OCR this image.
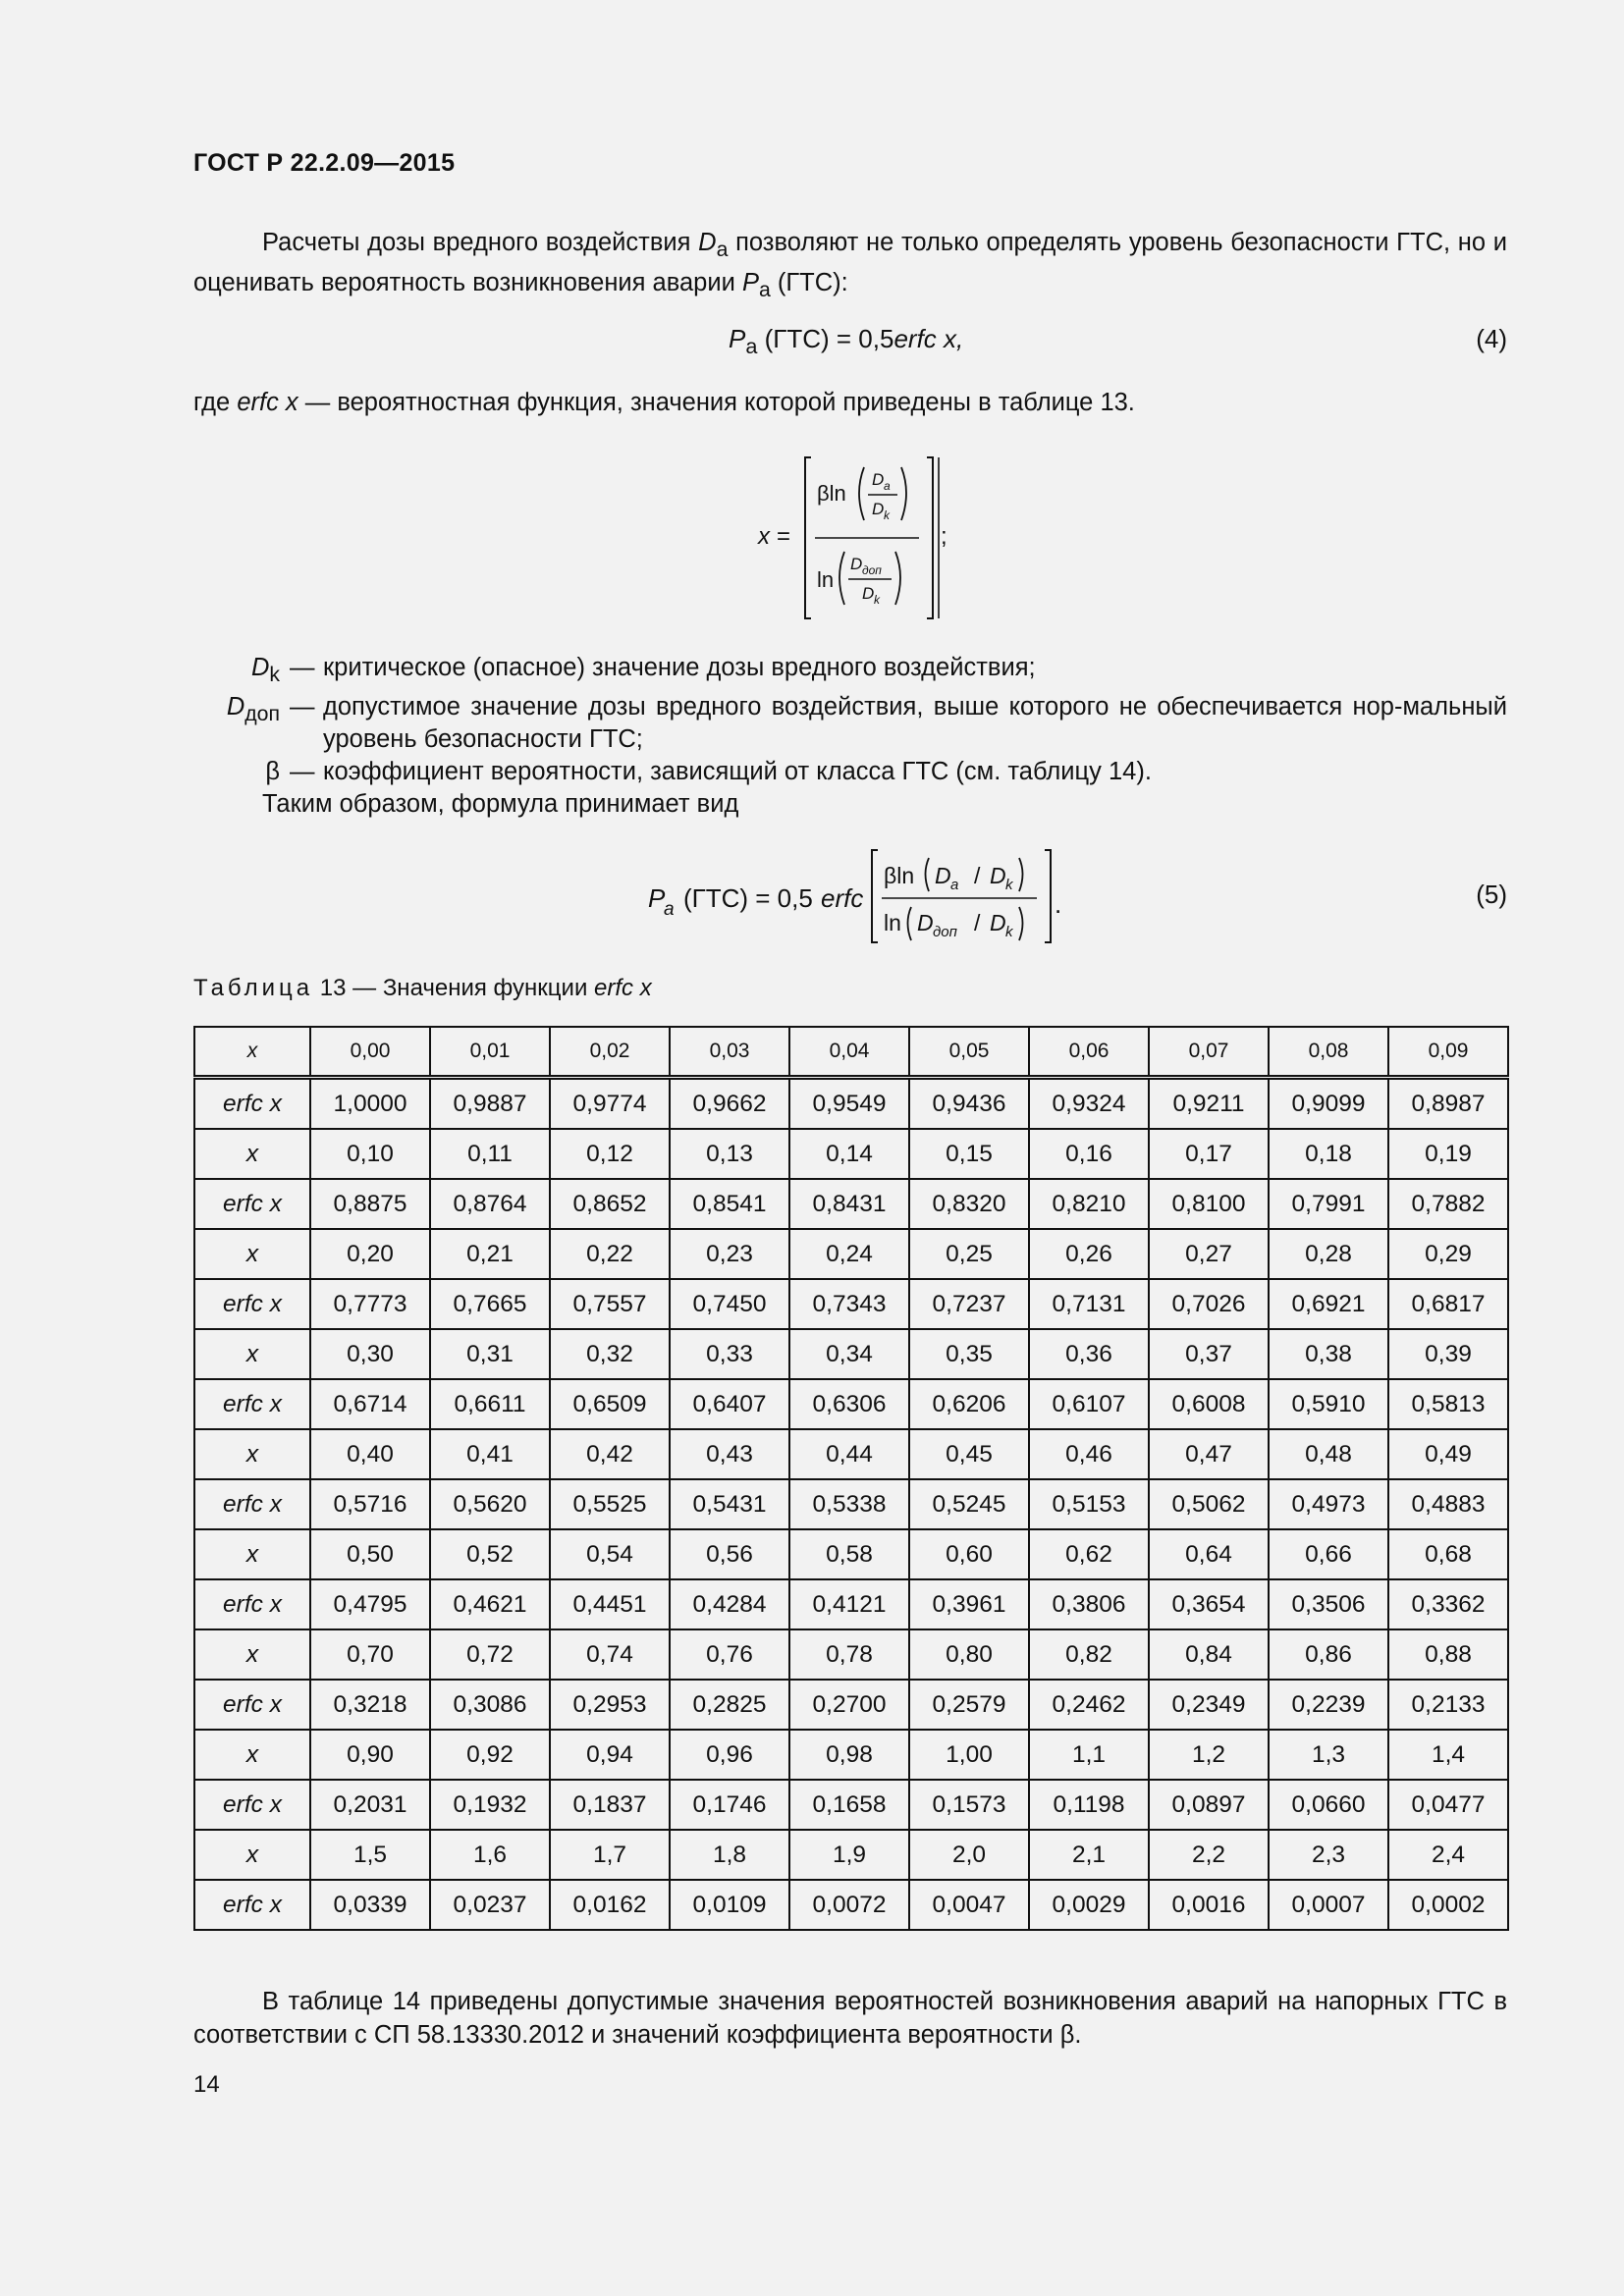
ГОСТ Р 22.2.09—2015
Расчеты дозы вредного воздействия $D_a$ позволяют не только определять уровень безопасности ГТС, но и оценивать вероятность возникновения аварии $P_a$ (ГТС):
$P_a$ (ГТС) = 0,5erfc x,	(4)
где erfc x — вероятностная функция, значения которой приведены в таблице 13.
x =	;
βln
D a
D k
ln
D доп
D k
$D_k$ — критическое (опасное) значение дозы вредного воздействия;
$D_{доп}$ — допустимое значение дозы вредного воздействия, выше которого не обеспечивается нор-мальный уровень безопасности ГТС;
β — коэффициент вероятности, зависящий от класса ГТС (см. таблицу 14).
Таким образом, формула принимает вид
P
a (ГТС) = 0,5 erfc
βln D a / D k
ln D доп / D k
.	(5)
Таблица 13 — Значения функции erfc x
x	0,00	0,01	0,02	0,03	0,04	0,05	0,06	0,07	0,08	0,09
erfc x	1,0000	0,9887	0,9774	0,9662	0,9549	0,9436	0,9324	0,9211	0,9099	0,8987
x	0,10	0,11	0,12	0,13	0,14	0,15	0,16	0,17	0,18	0,19
erfc x	0,8875	0,8764	0,8652	0,8541	0,8431	0,8320	0,8210	0,8100	0,7991	0,7882
x	0,20	0,21	0,22	0,23	0,24	0,25	0,26	0,27	0,28	0,29
erfc x	0,7773	0,7665	0,7557	0,7450	0,7343	0,7237	0,7131	0,7026	0,6921	0,6817
x	0,30	0,31	0,32	0,33	0,34	0,35	0,36	0,37	0,38	0,39
erfc x	0,6714	0,6611	0,6509	0,6407	0,6306	0,6206	0,6107	0,6008	0,5910	0,5813
x	0,40	0,41	0,42	0,43	0,44	0,45	0,46	0,47	0,48	0,49
erfc x	0,5716	0,5620	0,5525	0,5431	0,5338	0,5245	0,5153	0,5062	0,4973	0,4883
x	0,50	0,52	0,54	0,56	0,58	0,60	0,62	0,64	0,66	0,68
erfc x	0,4795	0,4621	0,4451	0,4284	0,4121	0,3961	0,3806	0,3654	0,3506	0,3362
x	0,70	0,72	0,74	0,76	0,78	0,80	0,82	0,84	0,86	0,88
erfc x	0,3218	0,3086	0,2953	0,2825	0,2700	0,2579	0,2462	0,2349	0,2239	0,2133
x	0,90	0,92	0,94	0,96	0,98	1,00	1,1	1,2	1,3	1,4
erfc x	0,2031	0,1932	0,1837	0,1746	0,1658	0,1573	0,1198	0,0897	0,0660	0,0477
x	1,5	1,6	1,7	1,8	1,9	2,0	2,1	2,2	2,3	2,4
erfc x	0,0339	0,0237	0,0162	0,0109	0,0072	0,0047	0,0029	0,0016	0,0007	0,0002
В таблице 14 приведены допустимые значения вероятностей возникновения аварий на напорных ГТС в соответствии с СП 58.13330.2012 и значений коэффициента вероятности β.
14
